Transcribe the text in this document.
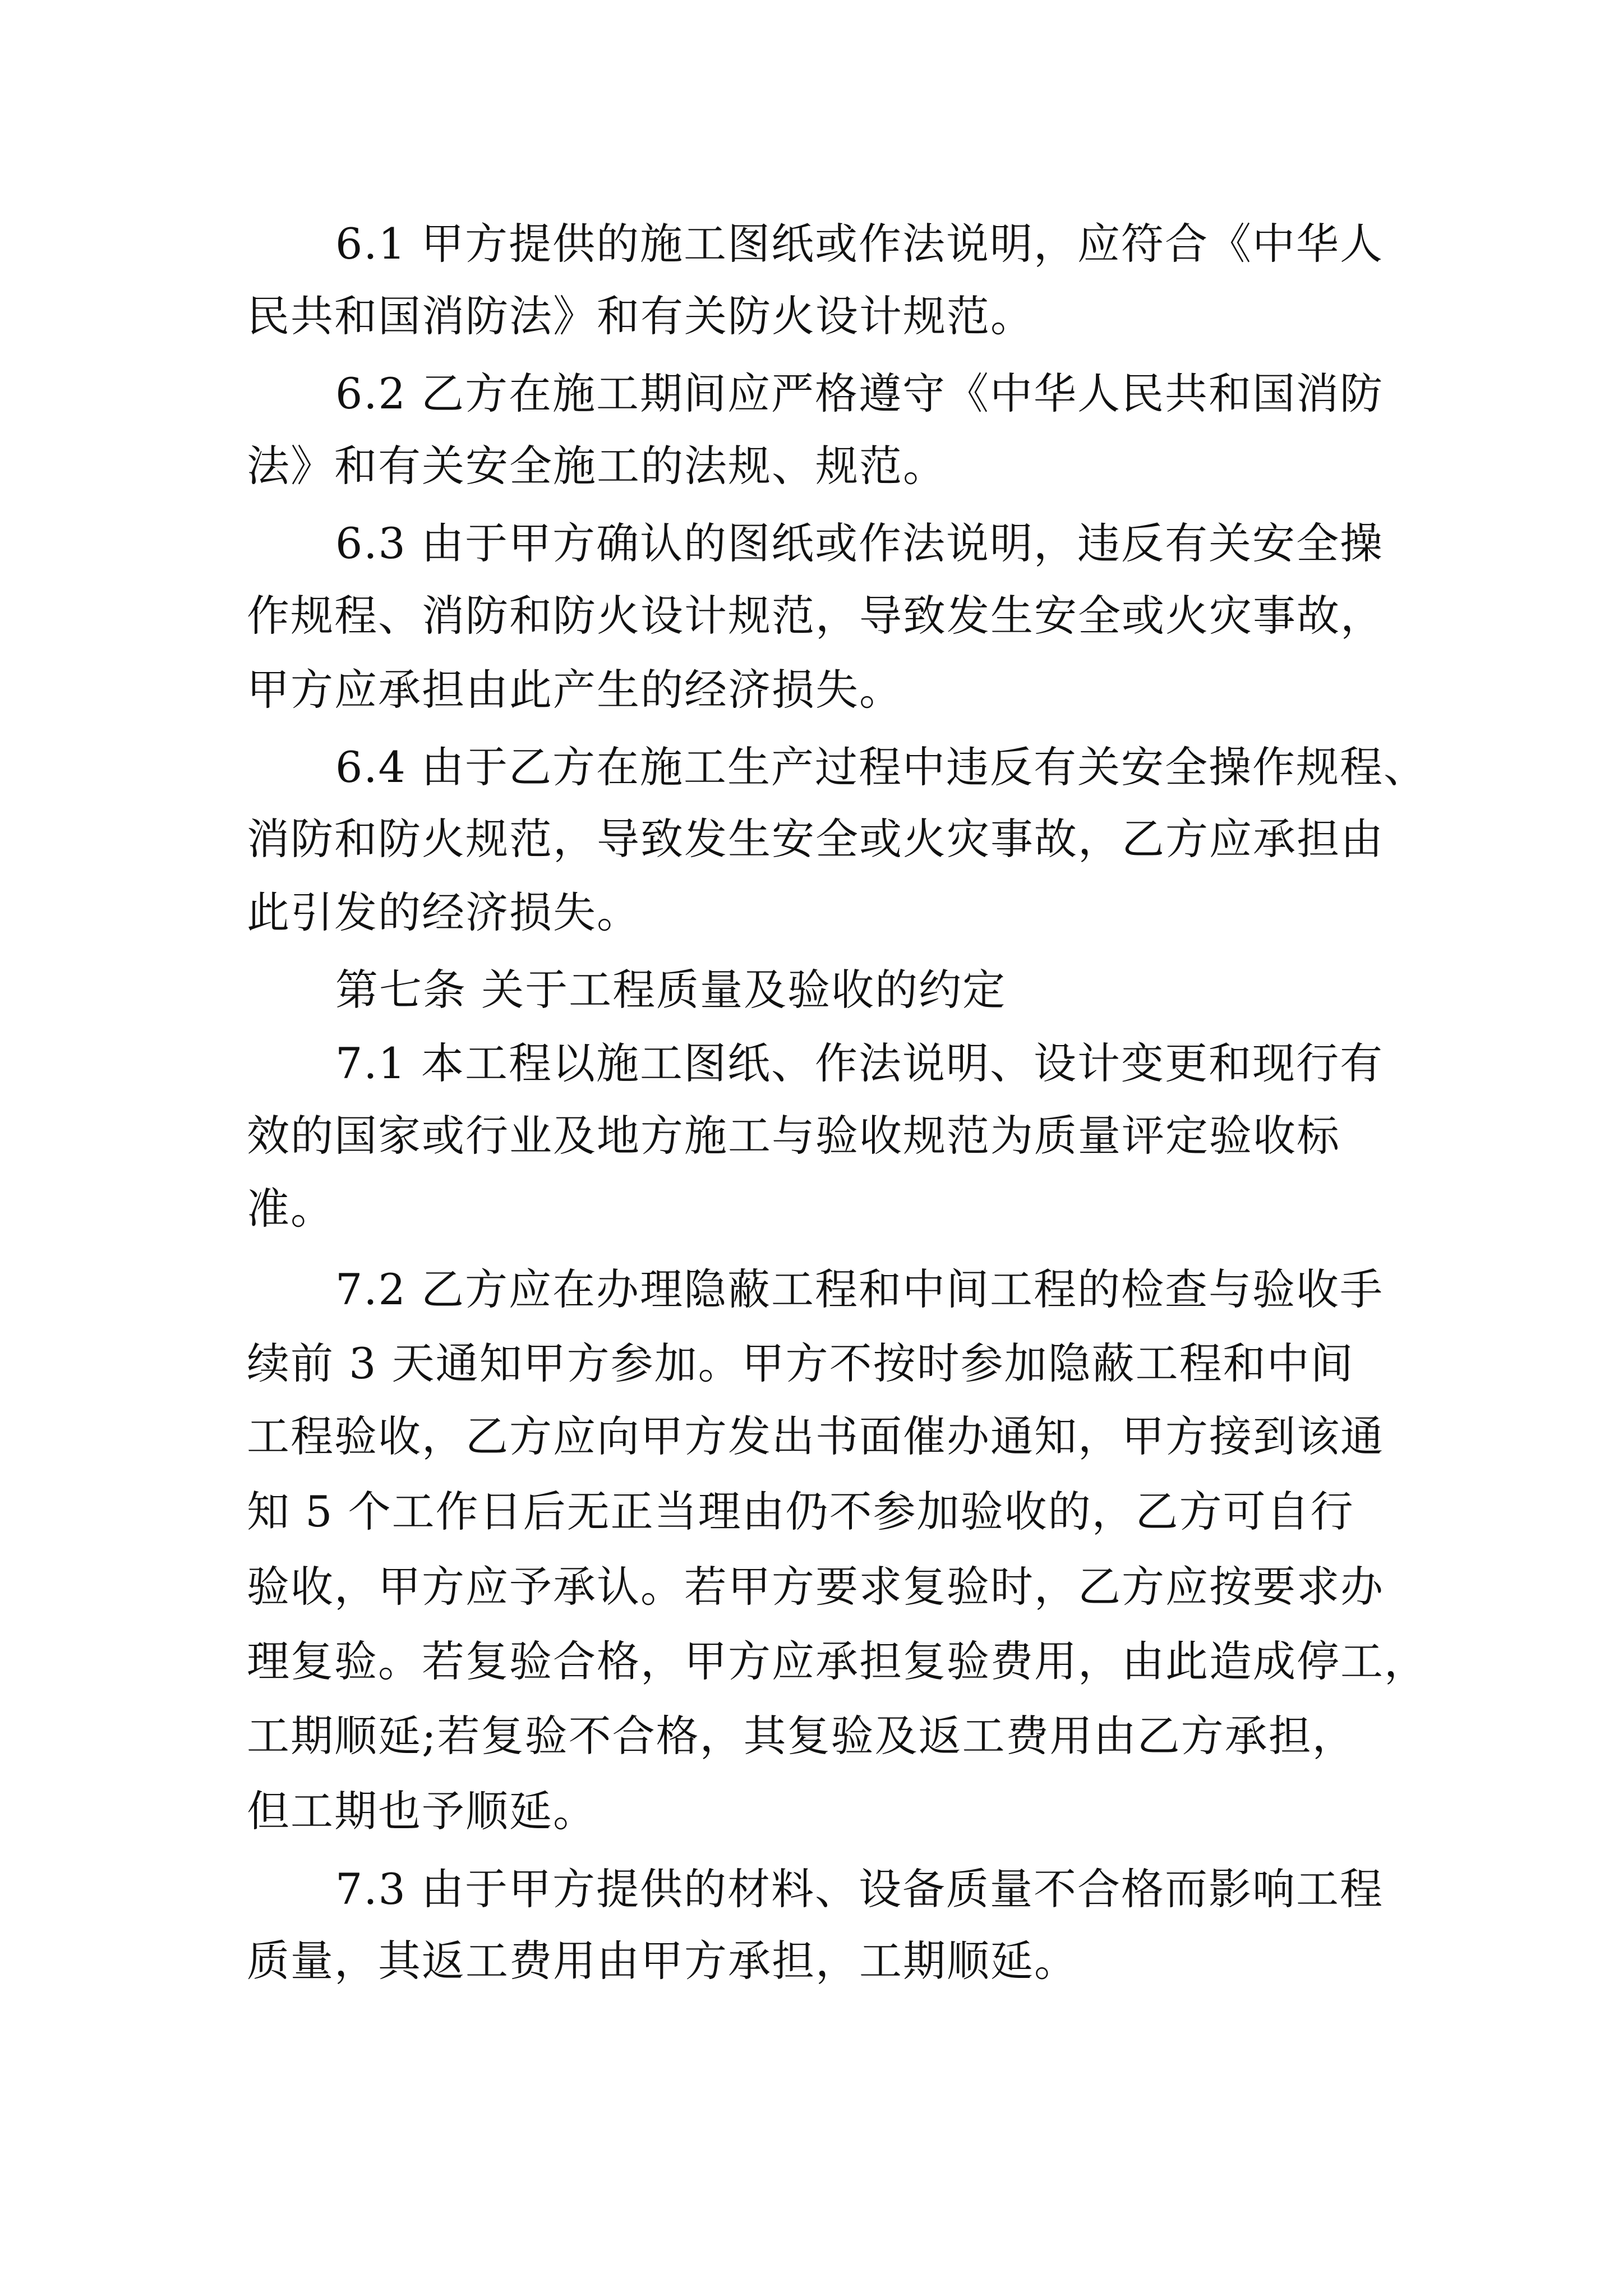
6.1 甲方提供的施工图纸或作法说明，应符合《中华人
民共和国消防法》和有关防火设计规范。
6.2 乙方在施工期间应严格遵守《中华人民共和国消防
法》和有关安全施工的法规、规范。
6.3 由于甲方确认的图纸或作法说明，违反有关安全操
作规程、消防和防火设计规范，导致发生安全或火灾事故，
甲方应承担由此产生的经济损失。
6.4 由于乙方在施工生产过程中违反有关安全操作规程、
消防和防火规范，导致发生安全或火灾事故，乙方应承担由
此引发的经济损失。
第七条 关于工程质量及验收的约定
7.1 本工程以施工图纸、作法说明、设计变更和现行有
效的国家或行业及地方施工与验收规范为质量评定验收标
准。
7.2 乙方应在办理隐蔽工程和中间工程的检查与验收手
续前 3 天通知甲方参加。甲方不按时参加隐蔽工程和中间
工程验收，乙方应向甲方发出书面催办通知，甲方接到该通
知 5 个工作日后无正当理由仍不参加验收的，乙方可自行
验收，甲方应予承认。若甲方要求复验时，乙方应按要求办
理复验。若复验合格，甲方应承担复验费用，由此造成停工，
工期顺延;若复验不合格，其复验及返工费用由乙方承担，
但工期也予顺延。
7.3 由于甲方提供的材料、设备质量不合格而影响工程
质量，其返工费用由甲方承担，工期顺延。
